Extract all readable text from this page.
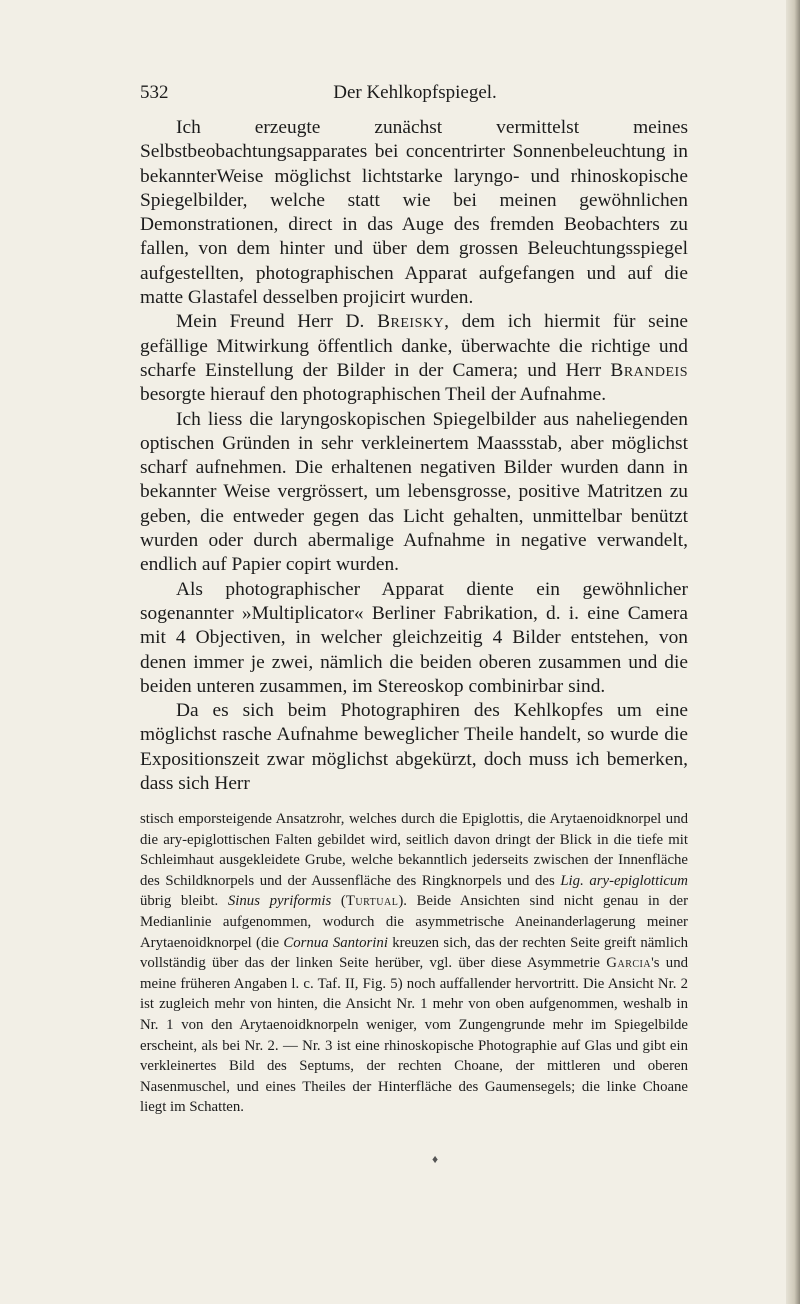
532	Der Kehlkopfspiegel.

Ich erzeugte zunächst vermittelst meines Selbstbeobachtungsapparates bei concentrirter Sonnenbeleuchtung in bekannterWeise möglichst lichtstarke laryngo- und rhinoskopische Spiegelbilder, welche statt wie bei meinen gewöhnlichen Demonstrationen, direct in das Auge des fremden Beobachters zu fallen, von dem hinter und über dem grossen Beleuchtungsspiegel aufgestellten, photographischen Apparat aufgefangen und auf die matte Glastafel desselben projicirt wurden.

Mein Freund Herr D. Breisky, dem ich hiermit für seine gefällige Mitwirkung öffentlich danke, überwachte die richtige und scharfe Einstellung der Bilder in der Camera; und Herr Brandeis besorgte hierauf den photographischen Theil der Aufnahme.

Ich liess die laryngoskopischen Spiegelbilder aus naheliegenden optischen Gründen in sehr verkleinertem Maassstab, aber möglichst scharf aufnehmen. Die erhaltenen negativen Bilder wurden dann in bekannter Weise vergrössert, um lebensgrosse, positive Matritzen zu geben, die entweder gegen das Licht gehalten, unmittelbar benützt wurden oder durch abermalige Aufnahme in negative verwandelt, endlich auf Papier copirt wurden.

Als photographischer Apparat diente ein gewöhnlicher sogenannter »Multiplicator« Berliner Fabrikation, d. i. eine Camera mit 4 Objectiven, in welcher gleichzeitig 4 Bilder entstehen, von denen immer je zwei, nämlich die beiden oberen zusammen und die beiden unteren zusammen, im Stereoskop combinirbar sind.

Da es sich beim Photographiren des Kehlkopfes um eine möglichst rasche Aufnahme beweglicher Theile handelt, so wurde die Expositionszeit zwar möglichst abgekürzt, doch muss ich bemerken, dass sich Herr

stisch emporsteigende Ansatzrohr, welches durch die Epiglottis, die Arytaenoidknorpel und die ary-epiglottischen Falten gebildet wird, seitlich davon dringt der Blick in die tiefe mit Schleimhaut ausgekleidete Grube, welche bekanntlich jederseits zwischen der Innenfläche des Schildknorpels und der Aussenfläche des Ringknorpels und des Lig. ary-epiglotticum übrig bleibt. Sinus pyriformis (Turtual). Beide Ansichten sind nicht genau in der Medianlinie aufgenommen, wodurch die asymmetrische Aneinanderlagerung meiner Arytaenoidknorpel (die Cornua Santorini kreuzen sich, das der rechten Seite greift nämlich vollständig über das der linken Seite herüber, vgl. über diese Asymmetrie Garcia's und meine früheren Angaben l. c. Taf. II, Fig. 5) noch auffallender hervortritt. Die Ansicht Nr. 2 ist zugleich mehr von hinten, die Ansicht Nr. 1 mehr von oben aufgenommen, weshalb in Nr. 1 von den Arytaenoidknorpeln weniger, vom Zungengrunde mehr im Spiegelbilde erscheint, als bei Nr. 2. — Nr. 3 ist eine rhinoskopische Photographie auf Glas und gibt ein verkleinertes Bild des Septums, der rechten Choane, der mittleren und oberen Nasenmuschel, und eines Theiles der Hinterfläche des Gaumensegels; die linke Choane liegt im Schatten.

♦
